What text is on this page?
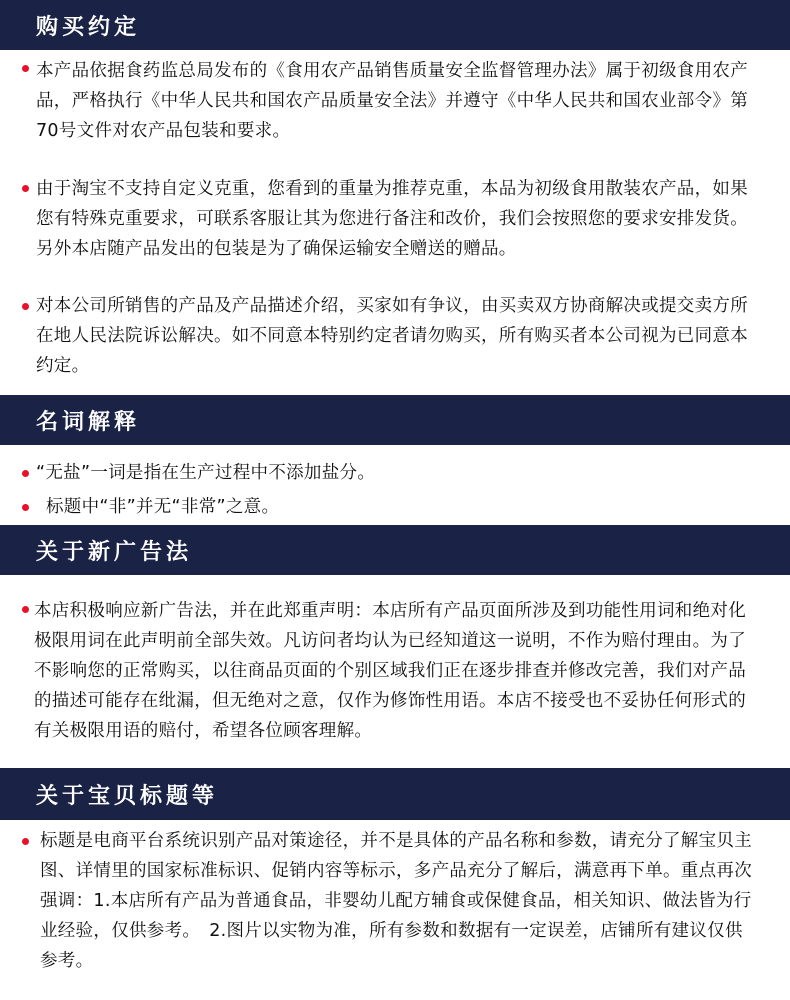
购买约定
本产品依据食药监总局发布的《食用农产品销售质量安全监督管理办法》属于初级食用农产品，严格执行《中华人民共和国农产品质量安全法》并遵守《中华人民共和国农业部令》第70号文件对农产品包装和要求。
由于淘宝不支持自定义克重，您看到的重量为推荐克重，本品为初级食用散装农产品，如果您有特殊克重要求，可联系客服让其为您进行备注和改价，我们会按照您的要求安排发货。另外本店随产品发出的包装是为了确保运输安全赠送的赠品。
对本公司所销售的产品及产品描述介绍，买家如有争议，由买卖双方协商解决或提交卖方所在地人民法院诉讼解决。如不同意本特别约定者请勿购买，所有购买者本公司视为已同意本约定。
名词解释
“无盐”一词是指在生产过程中不添加盐分。
标题中“非”并无“非常”之意。
关于新广告法
本店积极响应新广告法，并在此郑重声明：本店所有产品页面所涉及到功能性用词和绝对化极限用词在此声明前全部失效。凡访问者均认为已经知道这一说明，不作为赔付理由。为了不影响您的正常购买，以往商品页面的个别区域我们正在逐步排查并修改完善，我们对产品的描述可能存在纰漏，但无绝对之意，仅作为修饰性用语。本店不接受也不妥协任何形式的有关极限用语的赔付，希望各位顾客理解。
关于宝贝标题等
标题是电商平台系统识别产品对策途径，并不是具体的产品名称和参数，请充分了解宝贝主图、详情里的国家标准标识、促销内容等标示，多产品充分了解后，满意再下单。重点再次强调：1.本店所有产品为普通食品，非婴幼儿配方辅食或保健食品，相关知识、做法皆为行业经验，仅供参考。　2.图片以实物为准，所有参数和数据有一定误差，店铺所有建议仅供参考。
